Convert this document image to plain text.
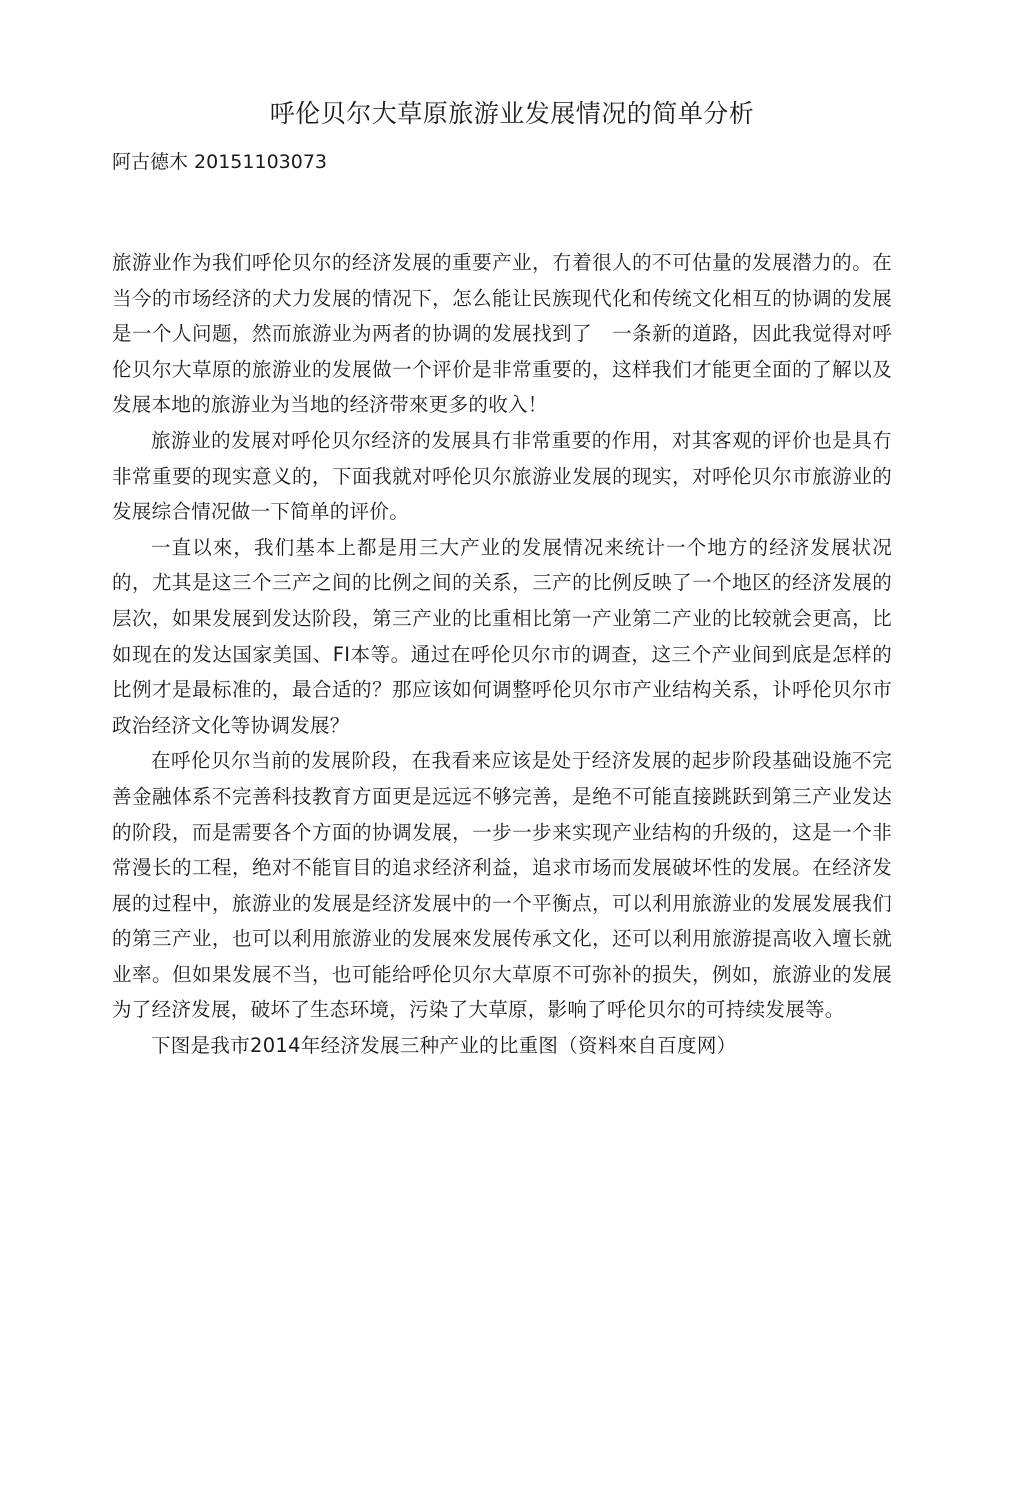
呼伦贝尔大草原旅游业发展情况的简单分析
阿古德木 20151103073

旅游业作为我们呼伦贝尔的经济发展的重要产业，冇着很人的不可估量的发展潜力的。在当今的市场经济的犬力发展的情况下，怎么能让民族现代化和传统文化相互的协调的发展是一个人问题，然而旅游业为两者的协调的发展找到了　一条新的道路，因此我觉得对呼伦贝尔大草原的旅游业的发展做一个评价是非常重要的，这样我们才能更全面的了解以及发展本地的旅游业为当地的经济带來更多的收入！

旅游业的发展对呼伦贝尔经济的发展具冇非常重要的作用，对其客观的评价也是具冇非常重要的现实意义的，下面我就对呼伦贝尔旅游业发展的现实，对呼伦贝尔市旅游业的发展综合情况做一下简单的评价。

一直以來，我们基本上都是用三大产业的发展情况来统计一个地方的经济发展状况的，尤其是这三个三产之间的比例之间的关系，三产的比例反映了一个地区的经济发展的层次，如果发展到发达阶段，第三产业的比重相比第一产业第二产业的比较就会更高，比如现在的发达国家美国、FI本等。通过在呼伦贝尔市的调查，这三个产业间到底是怎样的比例才是最标准的，最合适的？那应该如何调整呼伦贝尔市产业结构关系，讣呼伦贝尔市政治经济文化等协调发展？

在呼伦贝尔当前的发展阶段，在我看来应该是处于经济发展的起步阶段基础设施不完善金融体系不完善科技教育方面更是远远不够完善，是绝不可能直接跳跃到第三产业发达的阶段，而是需要各个方面的协调发展，一步一步来实现产业结构的升级的，这是一个非常漫长的工程，绝对不能盲目的追求经济利益，追求市场而发展破坏性的发展。在经济发展的过程中，旅游业的发展是经济发展中的一个平衡点，可以利用旅游业的发展发展我们的第三产业，也可以利用旅游业的发展來发展传承文化，还可以利用旅游提高收入壇长就业率。但如果发展不当，也可能给呼伦贝尔大草原不可弥补的损失，例如，旅游业的发展为了经济发展，破坏了生态环境，污染了大草原，影响了呼伦贝尔的可持续发展等。

下图是我市2014年经济发展三种产业的比重图（资料來自百度网）
